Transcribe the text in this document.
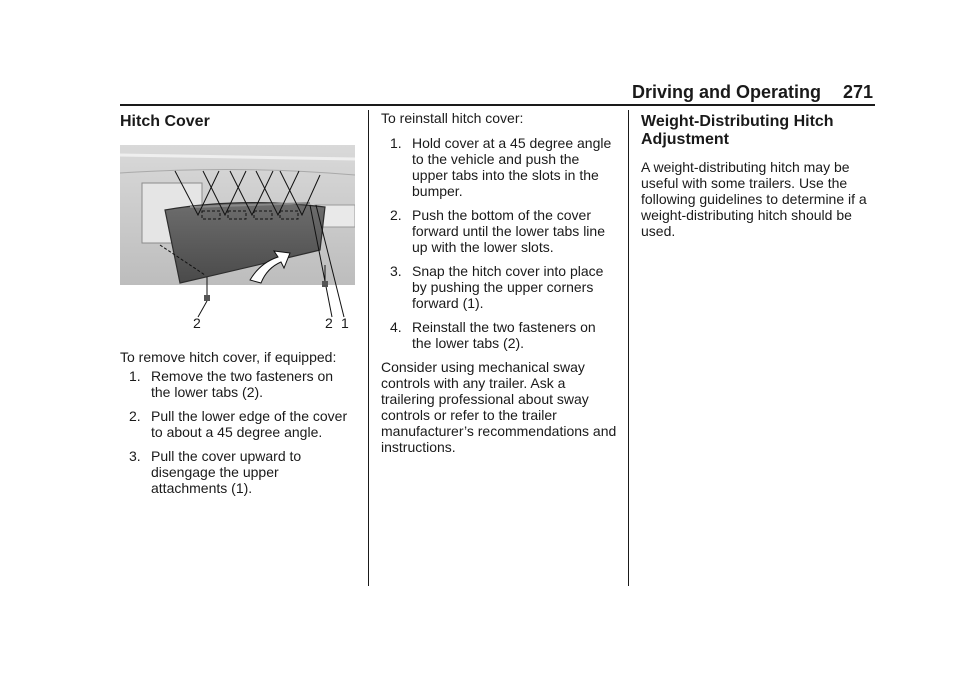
Driving and Operating 271
Hitch Cover

To remove hitch cover, if equipped:

1. Remove the two fasteners on the lower tabs (2).
2. Pull the lower edge of the cover to about a 45 degree angle.
3. Pull the cover upward to disengage the upper attachments (1).
2	2 1

To reinstall hitch cover:

1. Hold cover at a 45 degree angle to the vehicle and push the upper tabs into the slots in the bumper.
2. Push the bottom of the cover forward until the lower tabs line up with the lower slots.
3. Snap the hitch cover into place by pushing the upper corners forward (1).
4. Reinstall the two fasteners on the lower tabs (2).

Consider using mechanical sway controls with any trailer. Ask a trailering professional about sway controls or refer to the trailer manufacturer’s recommendations and instructions.

Weight-Distributing Hitch Adjustment

A weight-distributing hitch may be useful with some trailers. Use the following guidelines to determine if a weight-distributing hitch should be used.
